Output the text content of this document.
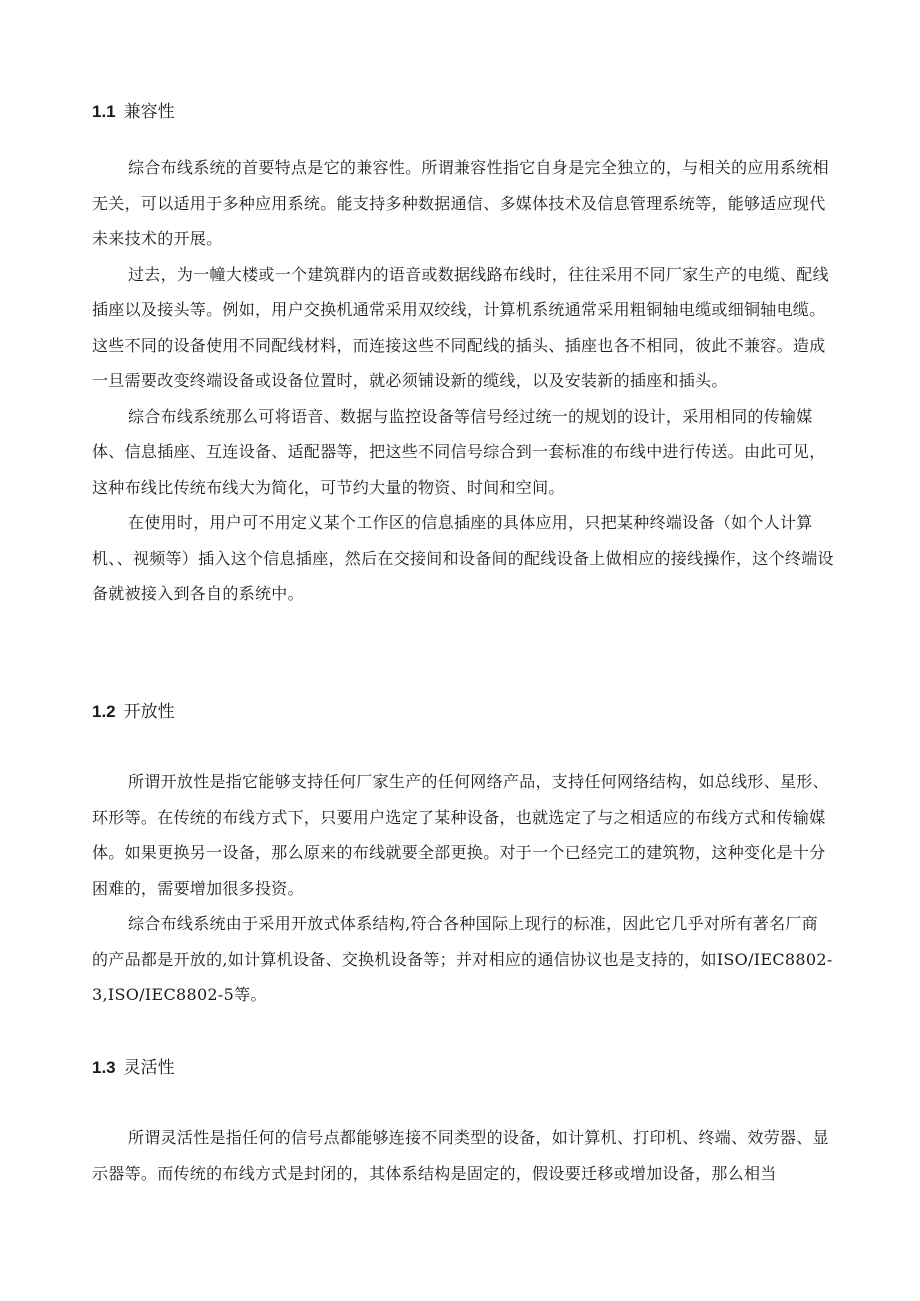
1.1 兼容性

综合布线系统的首要特点是它的兼容性。所谓兼容性指它自身是完全独立的，与相关的应用系统相无关，可以适用于多种应用系统。能支持多种数据通信、多媒体技术及信息管理系统等，能够适应现代未来技术的开展。

过去，为一幢大楼或一个建筑群内的语音或数据线路布线时，往往采用不同厂家生产的电缆、配线插座以及接头等。例如，用户交换机通常采用双绞线，计算机系统通常采用粗铜轴电缆或细铜轴电缆。这些不同的设备使用不同配线材料，而连接这些不同配线的插头、插座也各不相同，彼此不兼容。造成一旦需要改变终端设备或设备位置时，就必须铺设新的缆线，以及安装新的插座和插头。

综合布线系统那么可将语音、数据与监控设备等信号经过统一的规划的设计，采用相同的传输媒体、信息插座、互连设备、适配器等，把这些不同信号综合到一套标准的布线中进行传送。由此可见，这种布线比传统布线大为简化，可节约大量的物资、时间和空间。

在使用时，用户可不用定义某个工作区的信息插座的具体应用，只把某种终端设备（如个人计算机、、视频等）插入这个信息插座，然后在交接间和设备间的配线设备上做相应的接线操作，这个终端设备就被接入到各自的系统中。

1.2 开放性

所谓开放性是指它能够支持任何厂家生产的任何网络产品，支持任何网络结构，如总线形、星形、环形等。在传统的布线方式下，只要用户选定了某种设备，也就选定了与之相适应的布线方式和传输媒体。如果更换另一设备，那么原来的布线就要全部更换。对于一个已经完工的建筑物，这种变化是十分困难的，需要增加很多投资。

综合布线系统由于采用开放式体系结构,符合各种国际上现行的标准，因此它几乎对所有著名厂商的产品都是开放的,如计算机设备、交换机设备等；并对相应的通信协议也是支持的，如ISO/IEC8802-3,ISO/IEC8802-5等。

1.3 灵活性

所谓灵活性是指任何的信号点都能够连接不同类型的设备，如计算机、打印机、终端、效劳器、显示器等。而传统的布线方式是封闭的，其体系结构是固定的，假设要迁移或增加设备，那么相当
